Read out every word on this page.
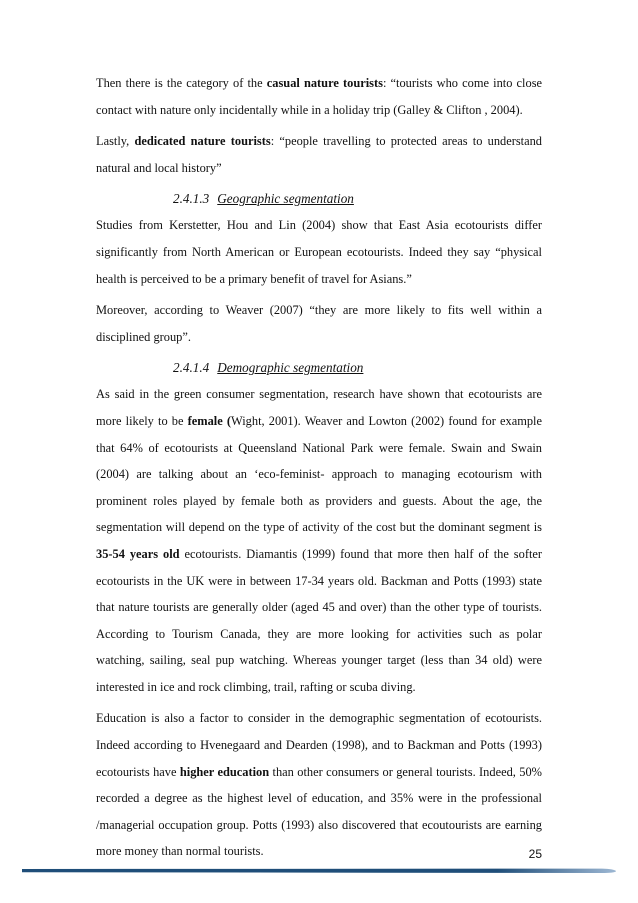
Then there is the category of the casual nature tourists: “tourists who come into close contact with nature only incidentally while in a holiday trip (Galley & Clifton , 2004).

Lastly, dedicated nature tourists: “people travelling to protected areas to understand natural and local history”

2.4.1.3 Geographic segmentation

Studies from Kerstetter, Hou and Lin (2004) show that East Asia ecotourists differ significantly from North American or European ecotourists. Indeed they say “physical health is perceived to be a primary benefit of travel for Asians.”

Moreover, according to Weaver (2007) “they are more likely to fits well within a disciplined group”.

2.4.1.4 Demographic segmentation

As said in the green consumer segmentation, research have shown that ecotourists are more likely to be female (Wight, 2001). Weaver and Lowton (2002) found for example that 64% of ecotourists at Queensland National Park were female. Swain and Swain (2004) are talking about an ‘eco-feminist- approach to managing ecotourism with prominent roles played by female both as providers and guests. About the age, the segmentation will depend on the type of activity of the cost but the dominant segment is 35-54 years old ecotourists. Diamantis (1999) found that more then half of the softer ecotourists in the UK were in between 17-34 years old. Backman and Potts (1993) state that nature tourists are generally older (aged 45 and over) than the other type of tourists. According to Tourism Canada, they are more looking for activities such as polar watching, sailing, seal pup watching. Whereas younger target (less than 34 old) were interested in ice and rock climbing, trail, rafting or scuba diving.

Education is also a factor to consider in the demographic segmentation of ecotourists. Indeed according to Hvenegaard and Dearden (1998), and to Backman and Potts (1993) ecotourists have higher education than other consumers or general tourists. Indeed, 50% recorded a degree as the highest level of education, and 35% were in the professional /managerial occupation group. Potts (1993) also discovered that ecoutourists are earning more money than normal tourists.	25
